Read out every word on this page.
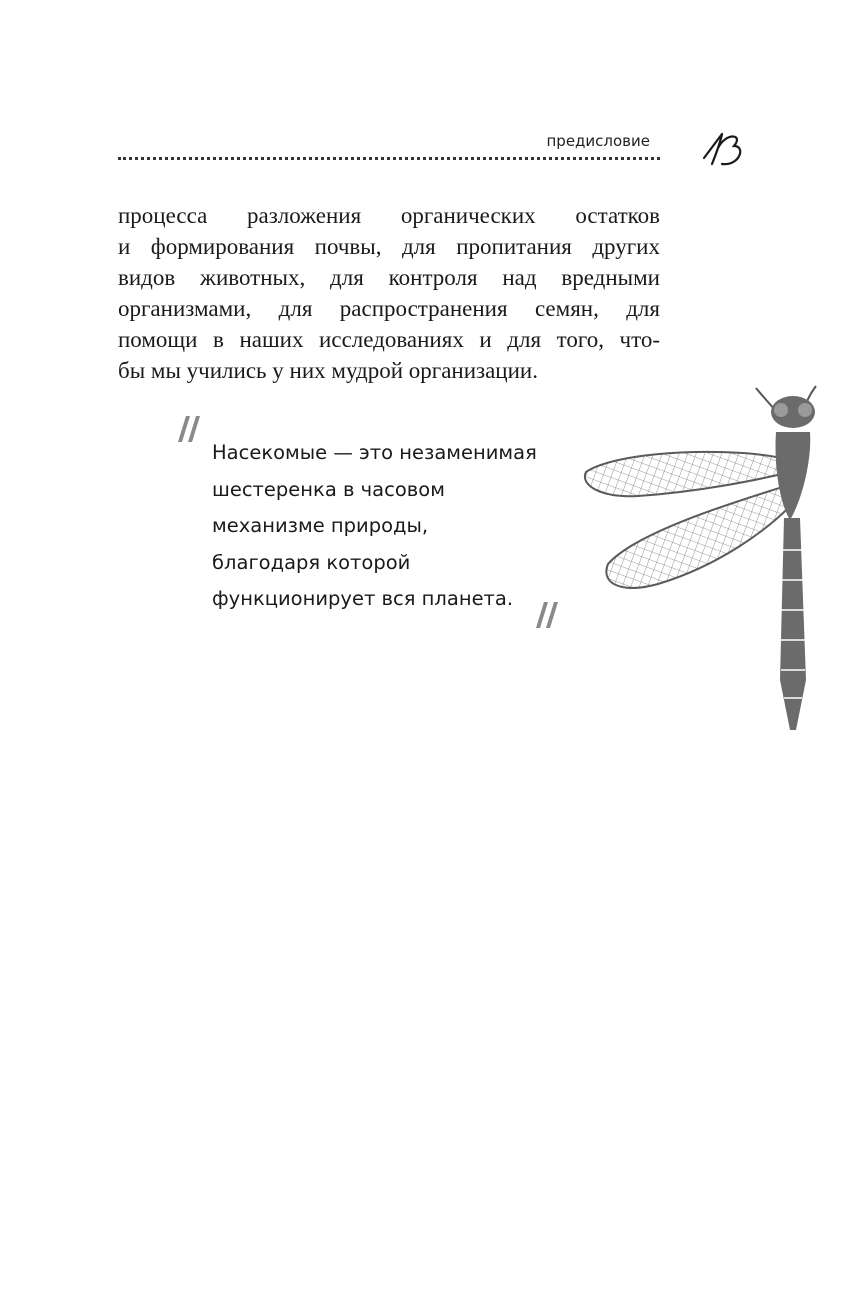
предисловие
процесса разложения органических остатков
и формирования почвы, для пропитания других
видов животных, для контроля над вредными
организмами, для распространения семян, для
помощи в наших исследованиях и для того, что-
бы мы учились у них мудрой организации.
Насекомые — это незаменимая
шестеренка в часовом
механизме природы,
благодаря которой
функционирует вся планета.
